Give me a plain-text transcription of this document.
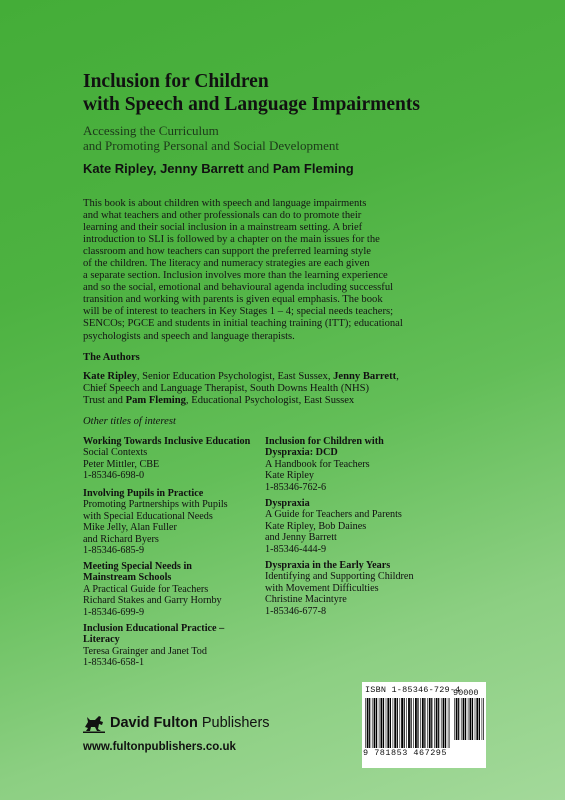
Inclusion for Children
with Speech and Language Impairments
Accessing the Curriculum
and Promoting Personal and Social Development
Kate Ripley, Jenny Barrett and Pam Fleming
This book is about children with speech and language impairments
and what teachers and other professionals can do to promote their
learning and their social inclusion in a mainstream setting. A brief
introduction to SLI is followed by a chapter on the main issues for the
classroom and how teachers can support the preferred learning style
of the children. The literacy and numeracy strategies are each given
a separate section. Inclusion involves more than the learning experience
and so the social, emotional and behavioural agenda including successful
transition and working with parents is given equal emphasis. The book
will be of interest to teachers in Key Stages 1 – 4; special needs teachers;
SENCOs; PGCE and students in initial teaching training (ITT); educational
psychologists and speech and language therapists.
The Authors
Kate Ripley, Senior Education Psychologist, East Sussex, Jenny Barrett,
Chief Speech and Language Therapist, South Downs Health (NHS)
Trust and Pam Fleming, Educational Psychologist, East Sussex
Other titles of interest
Working Towards Inclusive Education
Social Contexts
Peter Mittler, CBE
1-85346-698-0
Involving Pupils in Practice
Promoting Partnerships with Pupils
with Special Educational Needs
Mike Jelly, Alan Fuller
and Richard Byers
1-85346-685-9
Meeting Special Needs in
Mainstream Schools
A Practical Guide for Teachers
Richard Stakes and Garry Hornby
1-85346-699-9
Inclusion Educational Practice –
Literacy
Teresa Grainger and Janet Tod
1-85346-658-1
Inclusion for Children with
Dyspraxia: DCD
A Handbook for Teachers
Kate Ripley
1-85346-762-6
Dyspraxia
A Guide for Teachers and Parents
Kate Ripley, Bob Daines
and Jenny Barrett
1-85346-444-9
Dyspraxia in the Early Years
Identifying and Supporting Children
with Movement Difficulties
Christine Macintyre
1-85346-677-8
ISBN 1-85346-729-4
90000
9 781853 467295
David Fulton Publishers
www.fultonpublishers.co.uk
